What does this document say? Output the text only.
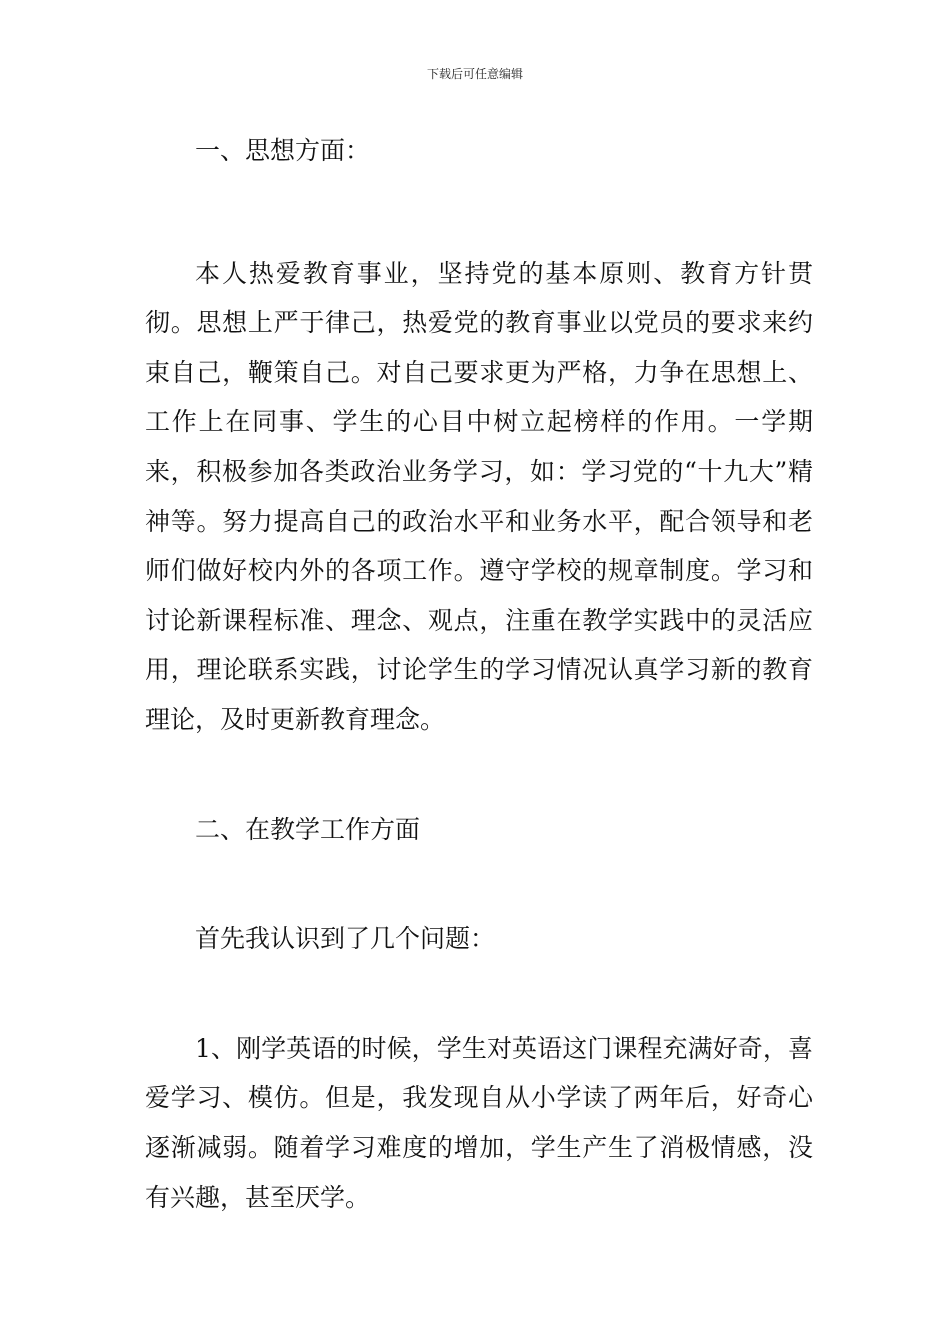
下载后可任意编辑

一、思想方面：

本人热爱教育事业，坚持党的基本原则、教育方针贯彻。思想上严于律己，热爱党的教育事业以党员的要求来约束自己，鞭策自己。对自己要求更为严格，力争在思想上、工作上在同事、学生的心目中树立起榜样的作用。一学期来，积极参加各类政治业务学习，如：学习党的“十九大”精神等。努力提高自己的政治水平和业务水平，配合领导和老师们做好校内外的各项工作。遵守学校的规章制度。学习和讨论新课程标准、理念、观点，注重在教学实践中的灵活应用，理论联系实践，讨论学生的学习情况认真学习新的教育理论，及时更新教育理念。

二、在教学工作方面

首先我认识到了几个问题：

1、刚学英语的时候，学生对英语这门课程充满好奇，喜爱学习、模仿。但是，我发现自从小学读了两年后，好奇心逐渐减弱。随着学习难度的增加，学生产生了消极情感，没有兴趣，甚至厌学。
